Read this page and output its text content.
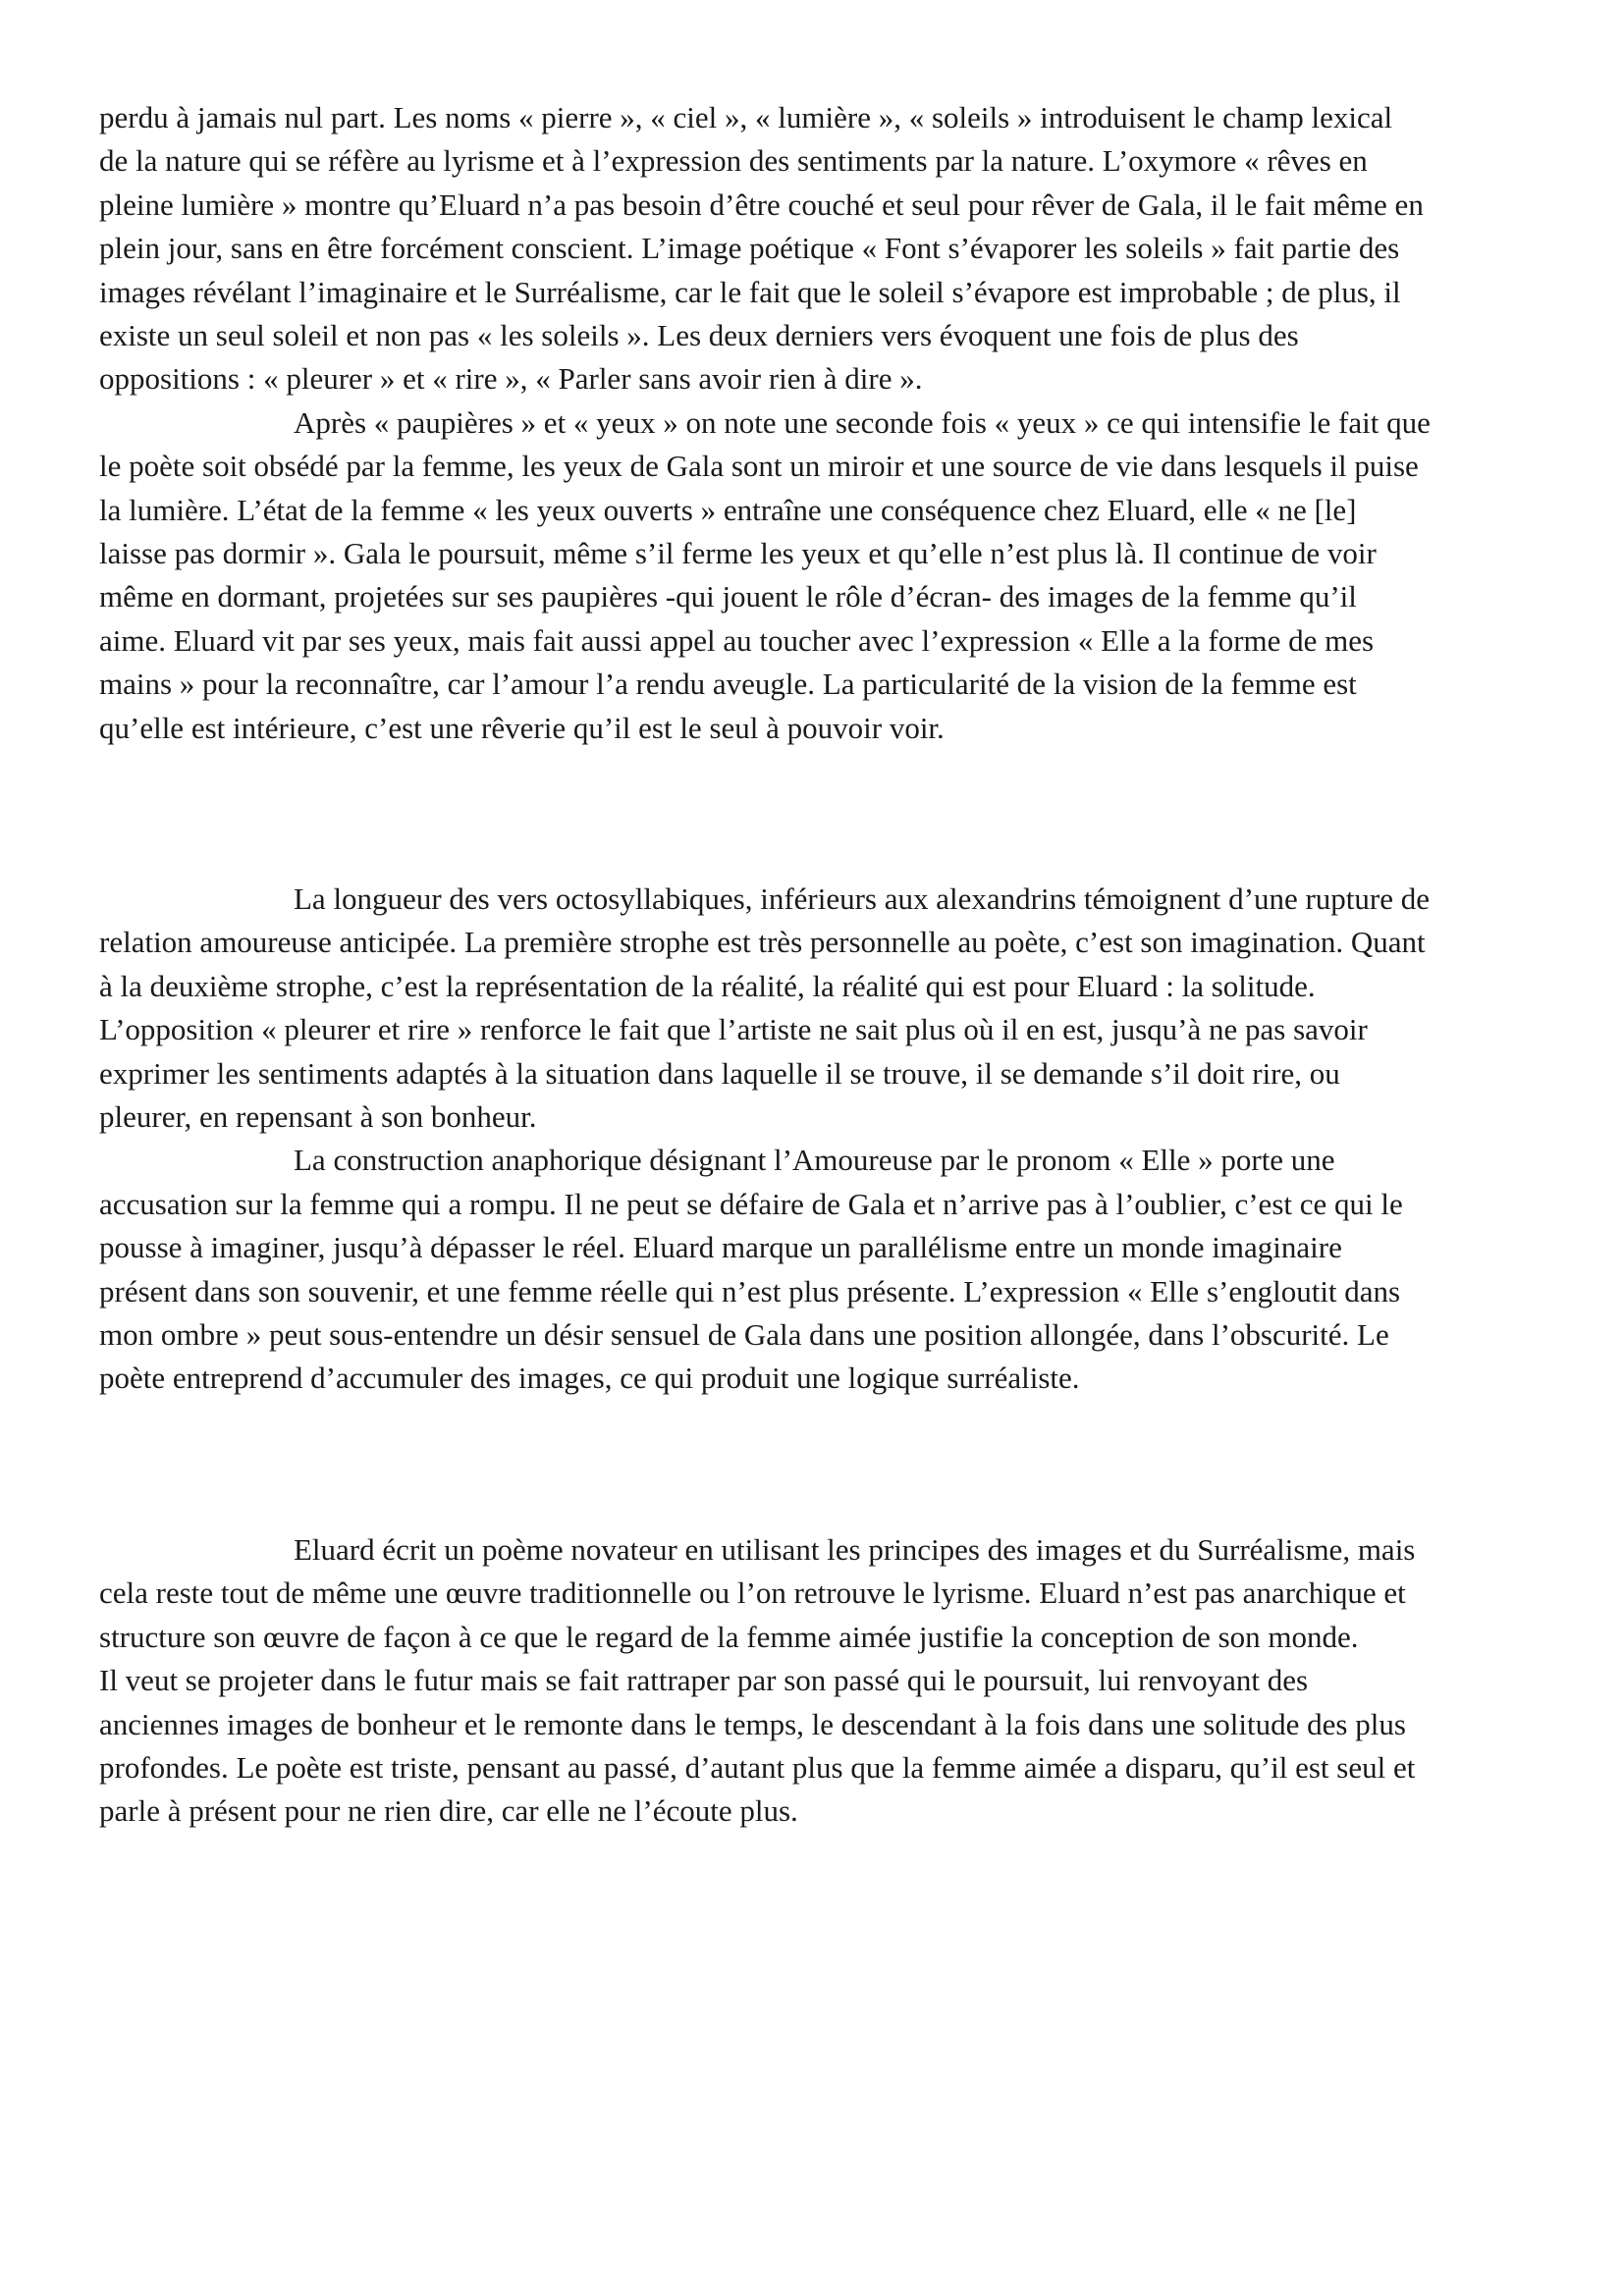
perdu à jamais nul part. Les noms « pierre », « ciel », « lumière », « soleils » introduisent le champ lexical
de la nature qui se réfère au lyrisme et à l’expression des sentiments par la nature. L’oxymore « rêves en
pleine lumière » montre qu’Eluard n’a pas besoin d’être couché et seul pour rêver de Gala, il le fait même en
plein jour, sans en être forcément conscient. L’image poétique « Font s’évaporer les soleils » fait partie des
images révélant l’imaginaire et le Surréalisme, car le fait que le soleil s’évapore est improbable ; de plus, il
existe un seul soleil et non pas « les soleils ». Les deux derniers vers évoquent une fois de plus des
oppositions : « pleurer » et « rire », « Parler sans avoir rien à dire ».

Après « paupières » et « yeux » on note une seconde fois « yeux » ce qui intensifie le fait que
le poète soit obsédé par la femme, les yeux de Gala sont un miroir et une source de vie dans lesquels il puise
la lumière. L’état de la femme « les yeux ouverts » entraîne une conséquence chez Eluard, elle « ne [le]
laisse pas dormir ». Gala le poursuit, même s’il ferme les yeux et qu’elle n’est plus là. Il continue de voir
même en dormant, projetées sur ses paupières -qui jouent le rôle d’écran- des images de la femme qu’il
aime. Eluard vit par ses yeux, mais fait aussi appel au toucher avec l’expression « Elle a la forme de mes
mains » pour la reconnaître, car l’amour l’a rendu aveugle. La particularité de la vision de la femme est
qu’elle est intérieure, c’est une rêverie qu’il est le seul à pouvoir voir.

La longueur des vers octosyllabiques, inférieurs aux alexandrins témoignent d’une rupture de
relation amoureuse anticipée. La première strophe est très personnelle au poète, c’est son imagination. Quant
à la deuxième strophe, c’est la représentation de la réalité, la réalité qui est pour Eluard : la solitude.
L’opposition « pleurer et rire » renforce le fait que l’artiste ne sait plus où il en est, jusqu’à ne pas savoir
exprimer les sentiments adaptés à la situation dans laquelle il se trouve, il se demande s’il doit rire, ou
pleurer, en repensant à son bonheur.

La construction anaphorique désignant l’Amoureuse par le pronom « Elle » porte une
accusation sur la femme qui a rompu. Il ne peut se défaire de Gala et n’arrive pas à l’oublier, c’est ce qui le
pousse à imaginer, jusqu’à dépasser le réel. Eluard marque un parallélisme entre un monde imaginaire
présent dans son souvenir, et une femme réelle qui n’est plus présente. L’expression « Elle s’engloutit dans
mon ombre » peut sous-entendre un désir sensuel de Gala dans une position allongée, dans l’obscurité. Le
poète entreprend d’accumuler des images, ce qui produit une logique surréaliste.

Eluard écrit un poème novateur en utilisant les principes des images et du Surréalisme, mais
cela reste tout de même une œuvre traditionnelle ou l’on retrouve le lyrisme. Eluard n’est pas anarchique et
structure son œuvre de façon à ce que le regard de la femme aimée justifie la conception de son monde.
Il veut se projeter dans le futur mais se fait rattraper par son passé qui le poursuit, lui renvoyant des
anciennes images de bonheur et le remonte dans le temps, le descendant à la fois dans une solitude des plus
profondes. Le poète est triste, pensant au passé, d’autant plus que la femme aimée a disparu, qu’il est seul et
parle à présent pour ne rien dire, car elle ne l’écoute plus.
